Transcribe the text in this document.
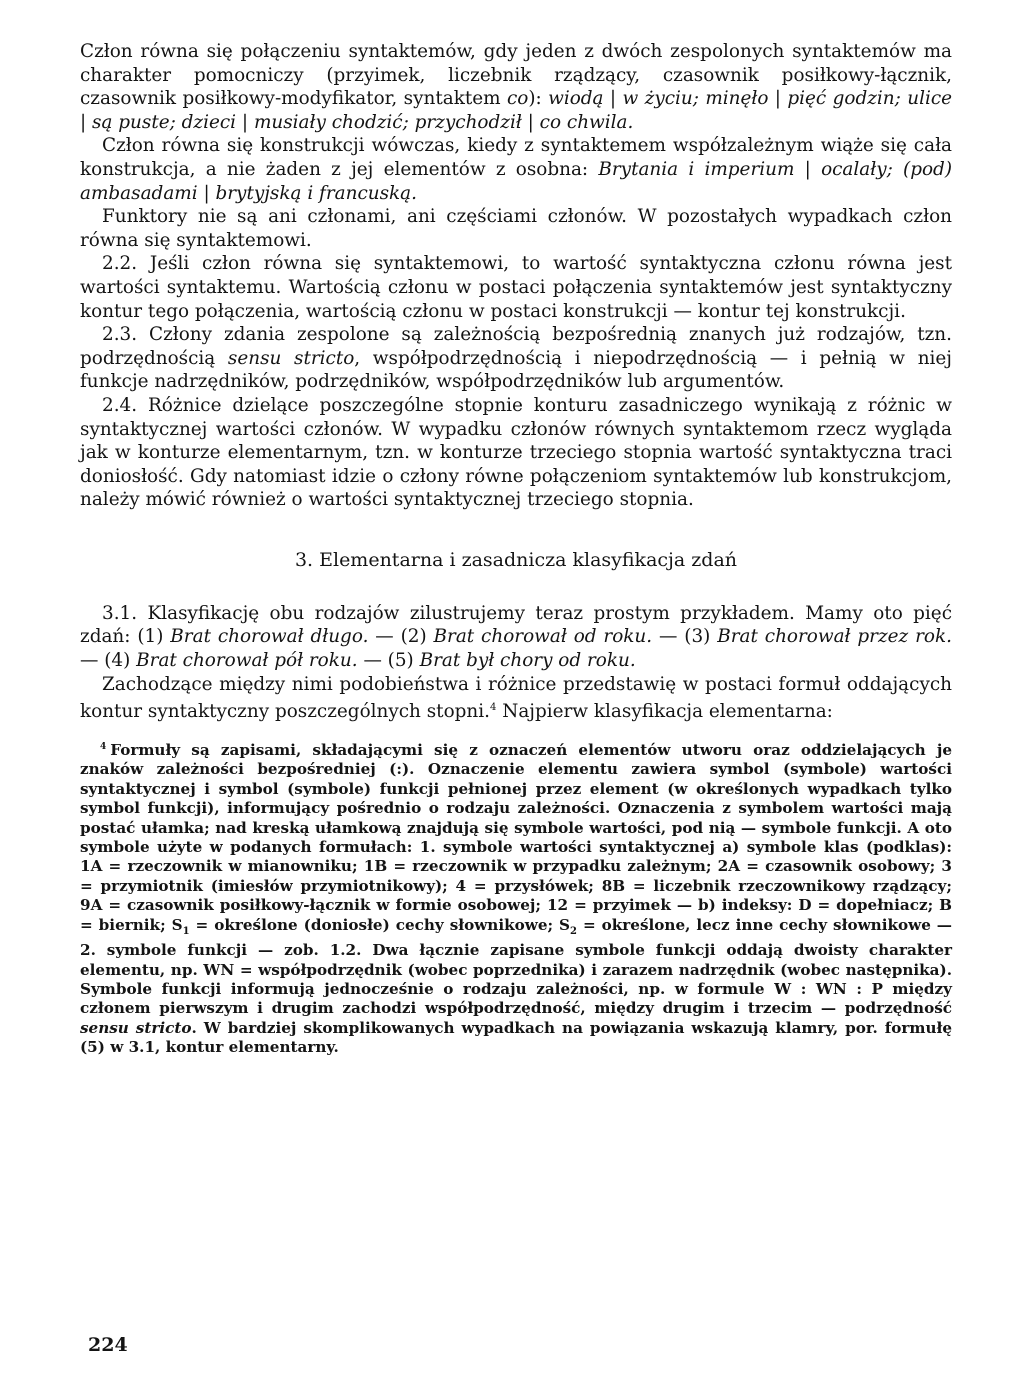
Człon równa się połączeniu syntaktemów, gdy jeden z dwóch zespolonych syntaktemów ma charakter pomocniczy (przyimek, liczebnik rządzący, czasownik posiłkowy-łącznik, czasownik posiłkowy-modyfikator, syntaktem co): wiodą | w życiu; minęło | pięć godzin; ulice | są puste; dzieci | musiały chodzić; przychodził | co chwila.

Człon równa się konstrukcji wówczas, kiedy z syntaktemem współzależnym wiąże się cała konstrukcja, a nie żaden z jej elementów z osobna: Brytania i imperium | ocalały; (pod) ambasadami | brytyjską i francuską.

Funktory nie są ani członami, ani częściami członów. W pozostałych wypadkach człon równa się syntaktemowi.

2.2. Jeśli człon równa się syntaktemowi, to wartość syntaktyczna członu równa jest wartości syntaktemu. Wartością członu w postaci połączenia syntaktemów jest syntaktyczny kontur tego połączenia, wartością członu w postaci konstrukcji — kontur tej konstrukcji.

2.3. Człony zdania zespolone są zależnością bezpośrednią znanych już rodzajów, tzn. podrzędnością sensu stricto, współpodrzędnością i niepodrzędnością — i pełnią w niej funkcje nadrzędników, podrzędników, współpodrzędników lub argumentów.

2.4. Różnice dzielące poszczególne stopnie konturu zasadniczego wynikają z różnic w syntaktycznej wartości członów. W wypadku członów równych syntaktemom rzecz wygląda jak w konturze elementarnym, tzn. w konturze trzeciego stopnia wartość syntaktyczna traci doniosłość. Gdy natomiast idzie o człony równe połączeniom syntaktemów lub konstrukcjom, należy mówić również o wartości syntaktycznej trzeciego stopnia.

3. Elementarna i zasadnicza klasyfikacja zdań

3.1. Klasyfikację obu rodzajów zilustrujemy teraz prostym przykładem. Mamy oto pięć zdań: (1) Brat chorował długo. — (2) Brat chorował od roku. — (3) Brat chorował przez rok. — (4) Brat chorował pół roku. — (5) Brat był chory od roku.

Zachodzące między nimi podobieństwa i różnice przedstawię w postaci formuł oddających kontur syntaktyczny poszczególnych stopni.$^4$ Najpierw klasyfikacja elementarna:

$^4$ Formuły są zapisami, składającymi się z oznaczeń elementów utworu oraz oddzielających je znaków zależności bezpośredniej (:). Oznaczenie elementu zawiera symbol (symbole) wartości syntaktycznej i symbol (symbole) funkcji pełnionej przez element (w określonych wypadkach tylko symbol funkcji), informujący pośrednio o rodzaju zależności. Oznaczenia z symbolem wartości mają postać ułamka; nad kreską ułamkową znajdują się symbole wartości, pod nią — symbole funkcji. A oto symbole użyte w podanych formułach: 1. symbole wartości syntaktycznej a) symbole klas (podklas): 1A = rzeczownik w mianowniku; 1B = rzeczownik w przypadku zależnym; 2A = czasownik osobowy; 3 = przymiotnik (imiesłów przymiotnikowy); 4 = przysłówek; 8B = liczebnik rzeczownikowy rządzący; 9A = czasownik posiłkowy-łącznik w formie osobowej; 12 = przyimek — b) indeksy: D = dopełniacz; B = biernik; $S_1$ = określone (doniosłe) cechy słownikowe; $S_2$ = określone, lecz inne cechy słownikowe — 2. symbole funkcji — zob. 1.2. Dwa łącznie zapisane symbole funkcji oddają dwoisty charakter elementu, np. WN = współpodrzędnik (wobec poprzednika) i zarazem nadrzędnik (wobec następnika). Symbole funkcji informują jednocześnie o rodzaju zależności, np. w formule W : WN : P między członem pierwszym i drugim zachodzi współpodrzędność, między drugim i trzecim — podrzędność sensu stricto. W bardziej skomplikowanych wypadkach na powiązania wskazują klamry, por. formułę (5) w 3.1, kontur elementarny.
224
